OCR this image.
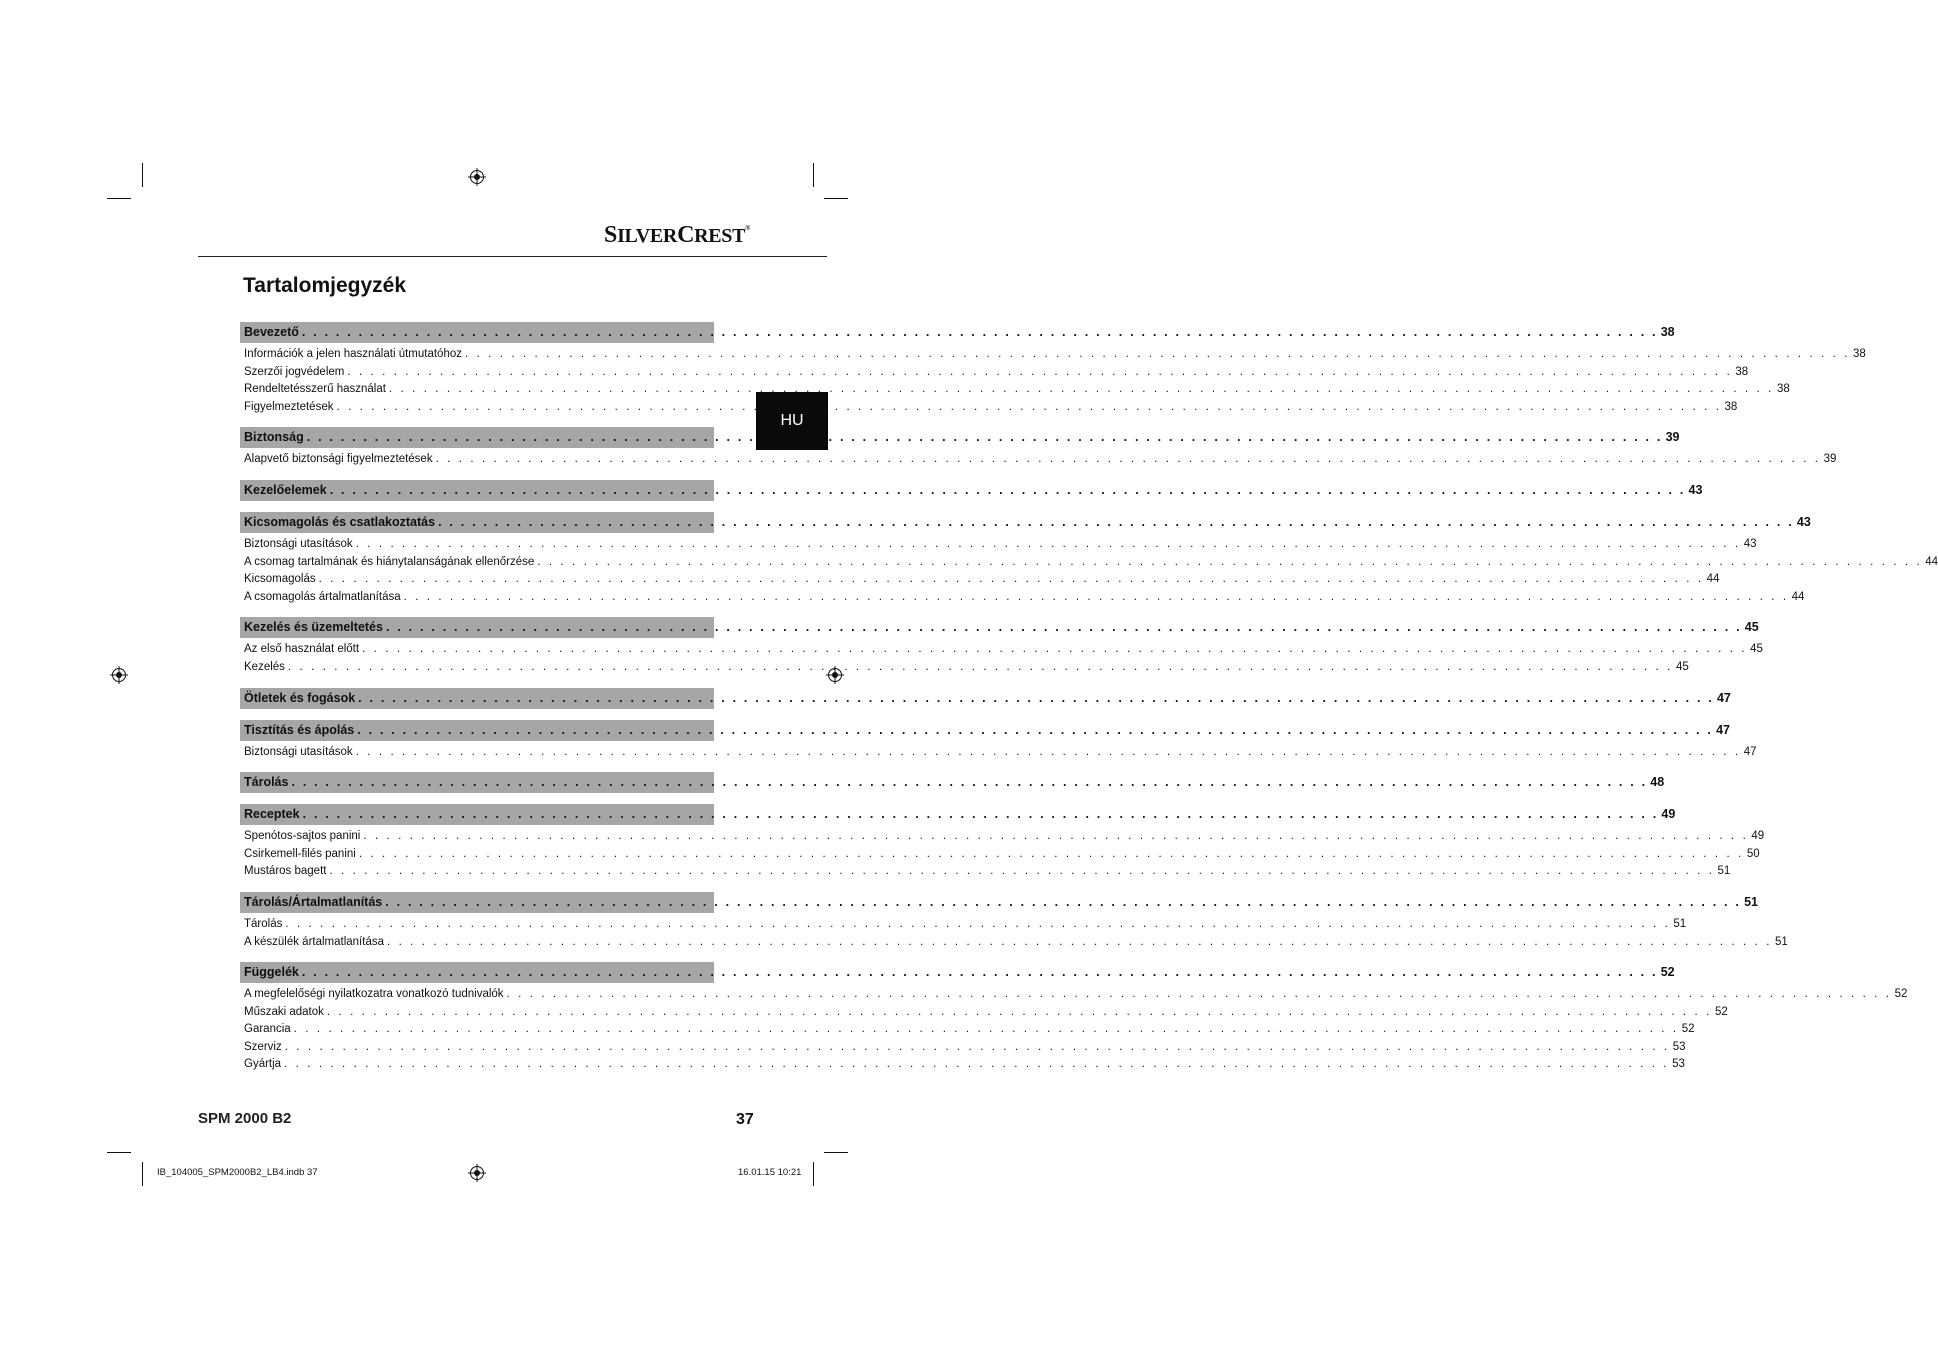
SILVERCREST®
Tartalomjegyzék
HU
Bevezető . . . . . . . . . . . . . . . . . . . . . . . . . . . . . . . . . . . . . . . . . . . . . . . . . . . . . . . . . . . . . . . . . . . . . . . . . . . . . . . . . . . . . . . . . . . . . . . . . . . . . . . . . . . . . . . . . . . . . . . . 38
Információk a jelen használati útmutatóhoz . . . . . . . . . . . . . . . . . . . . . . . . . . . . . . . . . . . . . . . . . . . . . . . . . . . . . . . . . . . . . . . . . . . . . . . . . . . . . . . . . . . . . . . . . . . . . . . . . . . . . . . . . . . . . . . . . . . . . . . . 38
Szerzői jogvédelem . . . . . . . . . . . . . . . . . . . . . . . . . . . . . . . . . . . . . . . . . . . . . . . . . . . . . . . . . . . . . . . . . . . . . . . . . . . . . . . . . . . . . . . . . . . . . . . . . . . . . . . . . . . . . . . . . . . . . . . . 38
Rendeltetésszerű használat . . . . . . . . . . . . . . . . . . . . . . . . . . . . . . . . . . . . . . . . . . . . . . . . . . . . . . . . . . . . . . . . . . . . . . . . . . . . . . . . . . . . . . . . . . . . . . . . . . . . . . . . . . . . . . . . . . . . . . . . 38
Figyelmeztetések . . . . . . . . . . . . . . . . . . . . . . . . . . . . . . . . . . . . . . . . . . . . . . . . . . . . . . . . . . . . . . . . . . . . . . . . . . . . . . . . . . . . . . . . . . . . . . . . . . . . . . . . . . . . . . . . . . . . . . . . 38
Biztonság . . . . . . . . . . . . . . . . . . . . . . . . . . . . . . . . . . . . . . . . . . . . . . . . . . . . . . . . . . . . . . . . . . . . . . . . . . . . . . . . . . . . . . . . . . . . . . . . . . . . . . . . . . . . . . . . . . . . . . . . 39
Alapvető biztonsági figyelmeztetések . . . . . . . . . . . . . . . . . . . . . . . . . . . . . . . . . . . . . . . . . . . . . . . . . . . . . . . . . . . . . . . . . . . . . . . . . . . . . . . . . . . . . . . . . . . . . . . . . . . . . . . . . . . . . . . . . . . . . . . . 39
Kezelőelemek . . . . . . . . . . . . . . . . . . . . . . . . . . . . . . . . . . . . . . . . . . . . . . . . . . . . . . . . . . . . . . . . . . . . . . . . . . . . . . . . . . . . . . . . . . . . . . . . . . . . . . . . . . . . . . . . . . . . . . . . 43
Kicsomagolás és csatlakoztatás . . . . . . . . . . . . . . . . . . . . . . . . . . . . . . . . . . . . . . . . . . . . . . . . . . . . . . . . . . . . . . . . . . . . . . . . . . . . . . . . . . . . . . . . . . . . . . . . . . . . . . . . . . . . . . . . . . . . . . . . 43
Biztonsági utasítások . . . . . . . . . . . . . . . . . . . . . . . . . . . . . . . . . . . . . . . . . . . . . . . . . . . . . . . . . . . . . . . . . . . . . . . . . . . . . . . . . . . . . . . . . . . . . . . . . . . . . . . . . . . . . . . . . . . . . . . . 43
A csomag tartalmának és hiánytalanságának ellenőrzése . . . . . . . . . . . . . . . . . . . . . . . . . . . . . . . . . . . . . . . . . . . . . . . . . . . . . . . . . . . . . . . . . . . . . . . . . . . . . . . . . . . . . . . . . . . . . . . . . . . . . . . . . . . . . . . . . . . . . . . . 44
Kicsomagolás . . . . . . . . . . . . . . . . . . . . . . . . . . . . . . . . . . . . . . . . . . . . . . . . . . . . . . . . . . . . . . . . . . . . . . . . . . . . . . . . . . . . . . . . . . . . . . . . . . . . . . . . . . . . . . . . . . . . . . . . 44
A csomagolás ártalmatlanítása . . . . . . . . . . . . . . . . . . . . . . . . . . . . . . . . . . . . . . . . . . . . . . . . . . . . . . . . . . . . . . . . . . . . . . . . . . . . . . . . . . . . . . . . . . . . . . . . . . . . . . . . . . . . . . . . . . . . . . . . 44
Kezelés és üzemeltetés . . . . . . . . . . . . . . . . . . . . . . . . . . . . . . . . . . . . . . . . . . . . . . . . . . . . . . . . . . . . . . . . . . . . . . . . . . . . . . . . . . . . . . . . . . . . . . . . . . . . . . . . . . . . . . . . . . . . . . . . 45
Az első használat előtt . . . . . . . . . . . . . . . . . . . . . . . . . . . . . . . . . . . . . . . . . . . . . . . . . . . . . . . . . . . . . . . . . . . . . . . . . . . . . . . . . . . . . . . . . . . . . . . . . . . . . . . . . . . . . . . . . . . . . . . . 45
Kezelés . . . . . . . . . . . . . . . . . . . . . . . . . . . . . . . . . . . . . . . . . . . . . . . . . . . . . . . . . . . . . . . . . . . . . . . . . . . . . . . . . . . . . . . . . . . . . . . . . . . . . . . . . . . . . . . . . . . . . . . . 45
Ötletek és fogások . . . . . . . . . . . . . . . . . . . . . . . . . . . . . . . . . . . . . . . . . . . . . . . . . . . . . . . . . . . . . . . . . . . . . . . . . . . . . . . . . . . . . . . . . . . . . . . . . . . . . . . . . . . . . . . . . . . . . . . . 47
Tisztítás és ápolás . . . . . . . . . . . . . . . . . . . . . . . . . . . . . . . . . . . . . . . . . . . . . . . . . . . . . . . . . . . . . . . . . . . . . . . . . . . . . . . . . . . . . . . . . . . . . . . . . . . . . . . . . . . . . . . . . . . . . . . . 47
Biztonsági utasítások . . . . . . . . . . . . . . . . . . . . . . . . . . . . . . . . . . . . . . . . . . . . . . . . . . . . . . . . . . . . . . . . . . . . . . . . . . . . . . . . . . . . . . . . . . . . . . . . . . . . . . . . . . . . . . . . . . . . . . . . 47
Tárolás . . . . . . . . . . . . . . . . . . . . . . . . . . . . . . . . . . . . . . . . . . . . . . . . . . . . . . . . . . . . . . . . . . . . . . . . . . . . . . . . . . . . . . . . . . . . . . . . . . . . . . . . . . . . . . . . . . . . . . . . 48
Receptek . . . . . . . . . . . . . . . . . . . . . . . . . . . . . . . . . . . . . . . . . . . . . . . . . . . . . . . . . . . . . . . . . . . . . . . . . . . . . . . . . . . . . . . . . . . . . . . . . . . . . . . . . . . . . . . . . . . . . . . . 49
Spenótos-sajtos panini . . . . . . . . . . . . . . . . . . . . . . . . . . . . . . . . . . . . . . . . . . . . . . . . . . . . . . . . . . . . . . . . . . . . . . . . . . . . . . . . . . . . . . . . . . . . . . . . . . . . . . . . . . . . . . . . . . . . . . . . 49
Csirkemell-filés panini . . . . . . . . . . . . . . . . . . . . . . . . . . . . . . . . . . . . . . . . . . . . . . . . . . . . . . . . . . . . . . . . . . . . . . . . . . . . . . . . . . . . . . . . . . . . . . . . . . . . . . . . . . . . . . . . . . . . . . . . 50
Mustáros bagett . . . . . . . . . . . . . . . . . . . . . . . . . . . . . . . . . . . . . . . . . . . . . . . . . . . . . . . . . . . . . . . . . . . . . . . . . . . . . . . . . . . . . . . . . . . . . . . . . . . . . . . . . . . . . . . . . . . . . . . . 51
Tárolás/Ártalmatlanítás . . . . . . . . . . . . . . . . . . . . . . . . . . . . . . . . . . . . . . . . . . . . . . . . . . . . . . . . . . . . . . . . . . . . . . . . . . . . . . . . . . . . . . . . . . . . . . . . . . . . . . . . . . . . . . . . . . . . . . . . 51
Tárolás . . . . . . . . . . . . . . . . . . . . . . . . . . . . . . . . . . . . . . . . . . . . . . . . . . . . . . . . . . . . . . . . . . . . . . . . . . . . . . . . . . . . . . . . . . . . . . . . . . . . . . . . . . . . . . . . . . . . . . . . 51
A készülék ártalmatlanítása . . . . . . . . . . . . . . . . . . . . . . . . . . . . . . . . . . . . . . . . . . . . . . . . . . . . . . . . . . . . . . . . . . . . . . . . . . . . . . . . . . . . . . . . . . . . . . . . . . . . . . . . . . . . . . . . . . . . . . . . 51
Függelék . . . . . . . . . . . . . . . . . . . . . . . . . . . . . . . . . . . . . . . . . . . . . . . . . . . . . . . . . . . . . . . . . . . . . . . . . . . . . . . . . . . . . . . . . . . . . . . . . . . . . . . . . . . . . . . . . . . . . . . . 52
A megfelelőségi nyilatkozatra vonatkozó tudnivalók . . . . . . . . . . . . . . . . . . . . . . . . . . . . . . . . . . . . . . . . . . . . . . . . . . . . . . . . . . . . . . . . . . . . . . . . . . . . . . . . . . . . . . . . . . . . . . . . . . . . . . . . . . . . . . . . . . . . . . . . 52
Műszaki adatok . . . . . . . . . . . . . . . . . . . . . . . . . . . . . . . . . . . . . . . . . . . . . . . . . . . . . . . . . . . . . . . . . . . . . . . . . . . . . . . . . . . . . . . . . . . . . . . . . . . . . . . . . . . . . . . . . . . . . . . . 52
Garancia . . . . . . . . . . . . . . . . . . . . . . . . . . . . . . . . . . . . . . . . . . . . . . . . . . . . . . . . . . . . . . . . . . . . . . . . . . . . . . . . . . . . . . . . . . . . . . . . . . . . . . . . . . . . . . . . . . . . . . . . 52
Szerviz . . . . . . . . . . . . . . . . . . . . . . . . . . . . . . . . . . . . . . . . . . . . . . . . . . . . . . . . . . . . . . . . . . . . . . . . . . . . . . . . . . . . . . . . . . . . . . . . . . . . . . . . . . . . . . . . . . . . . . . . 53
Gyártja . . . . . . . . . . . . . . . . . . . . . . . . . . . . . . . . . . . . . . . . . . . . . . . . . . . . . . . . . . . . . . . . . . . . . . . . . . . . . . . . . . . . . . . . . . . . . . . . . . . . . . . . . . . . . . . . . . . . . . . . 53
SPM 2000 B2	37
IB_104005_SPM2000B2_LB4.indb 37	16.01.15 10:21
